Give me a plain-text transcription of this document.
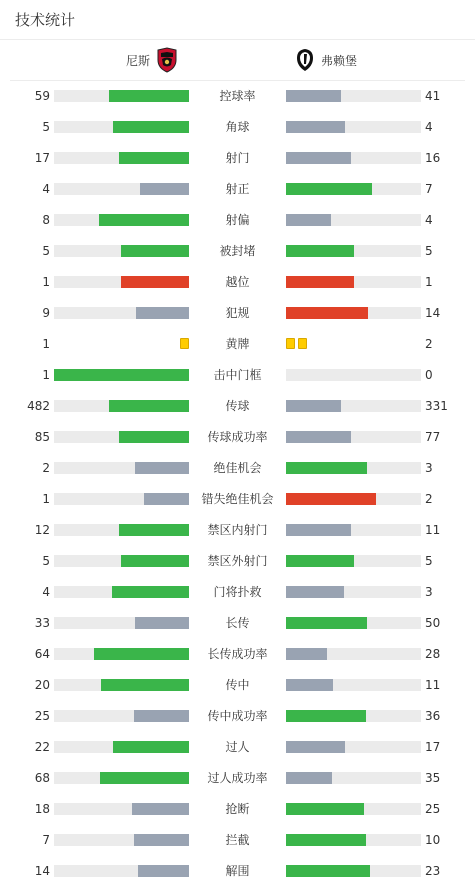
技术统计
尼斯	弗赖堡
59	控球率	41
5	角球	4
17	射门	16
4	射正	7
8	射偏	4
5	被封堵	5
1	越位	1
9	犯规	14
1	黄牌	2
1	击中门框	0
482	传球	331
85	传球成功率	77
2	绝佳机会	3
1	错失绝佳机会	2
12	禁区内射门	11
5	禁区外射门	5
4	门将扑救	3
33	长传	50
64	长传成功率	28
20	传中	11
25	传中成功率	36
22	过人	17
68	过人成功率	35
18	抢断	25
7	拦截	10
14	解围	23
